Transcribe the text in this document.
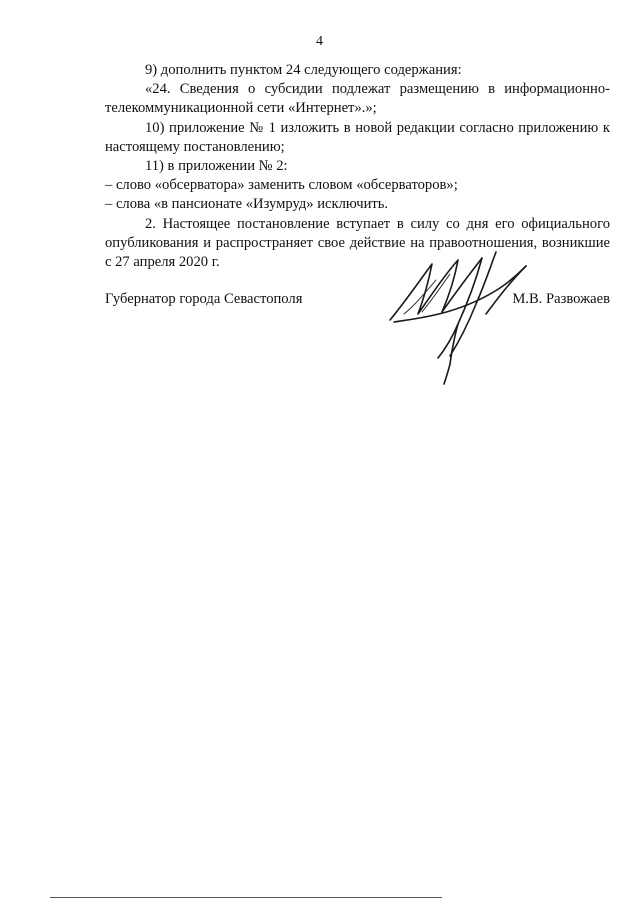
4

9) дополнить пунктом 24 следующего содержания:

«24. Сведения о субсидии подлежат размещению в информационно-телекоммуникационной сети «Интернет».»;

10) приложение № 1 изложить в новой редакции согласно приложению к настоящему постановлению;

11) в приложении № 2:

– слово «обсерватора» заменить словом «обсерваторов»;

– слова «в пансионате «Изумруд» исключить.

2. Настоящее постановление вступает в силу со дня его официального опубликования и распространяет свое действие на правоотношения, возникшие с 27 апреля 2020 г.

Губернатор города Севастополя	М.В. Развожаев
